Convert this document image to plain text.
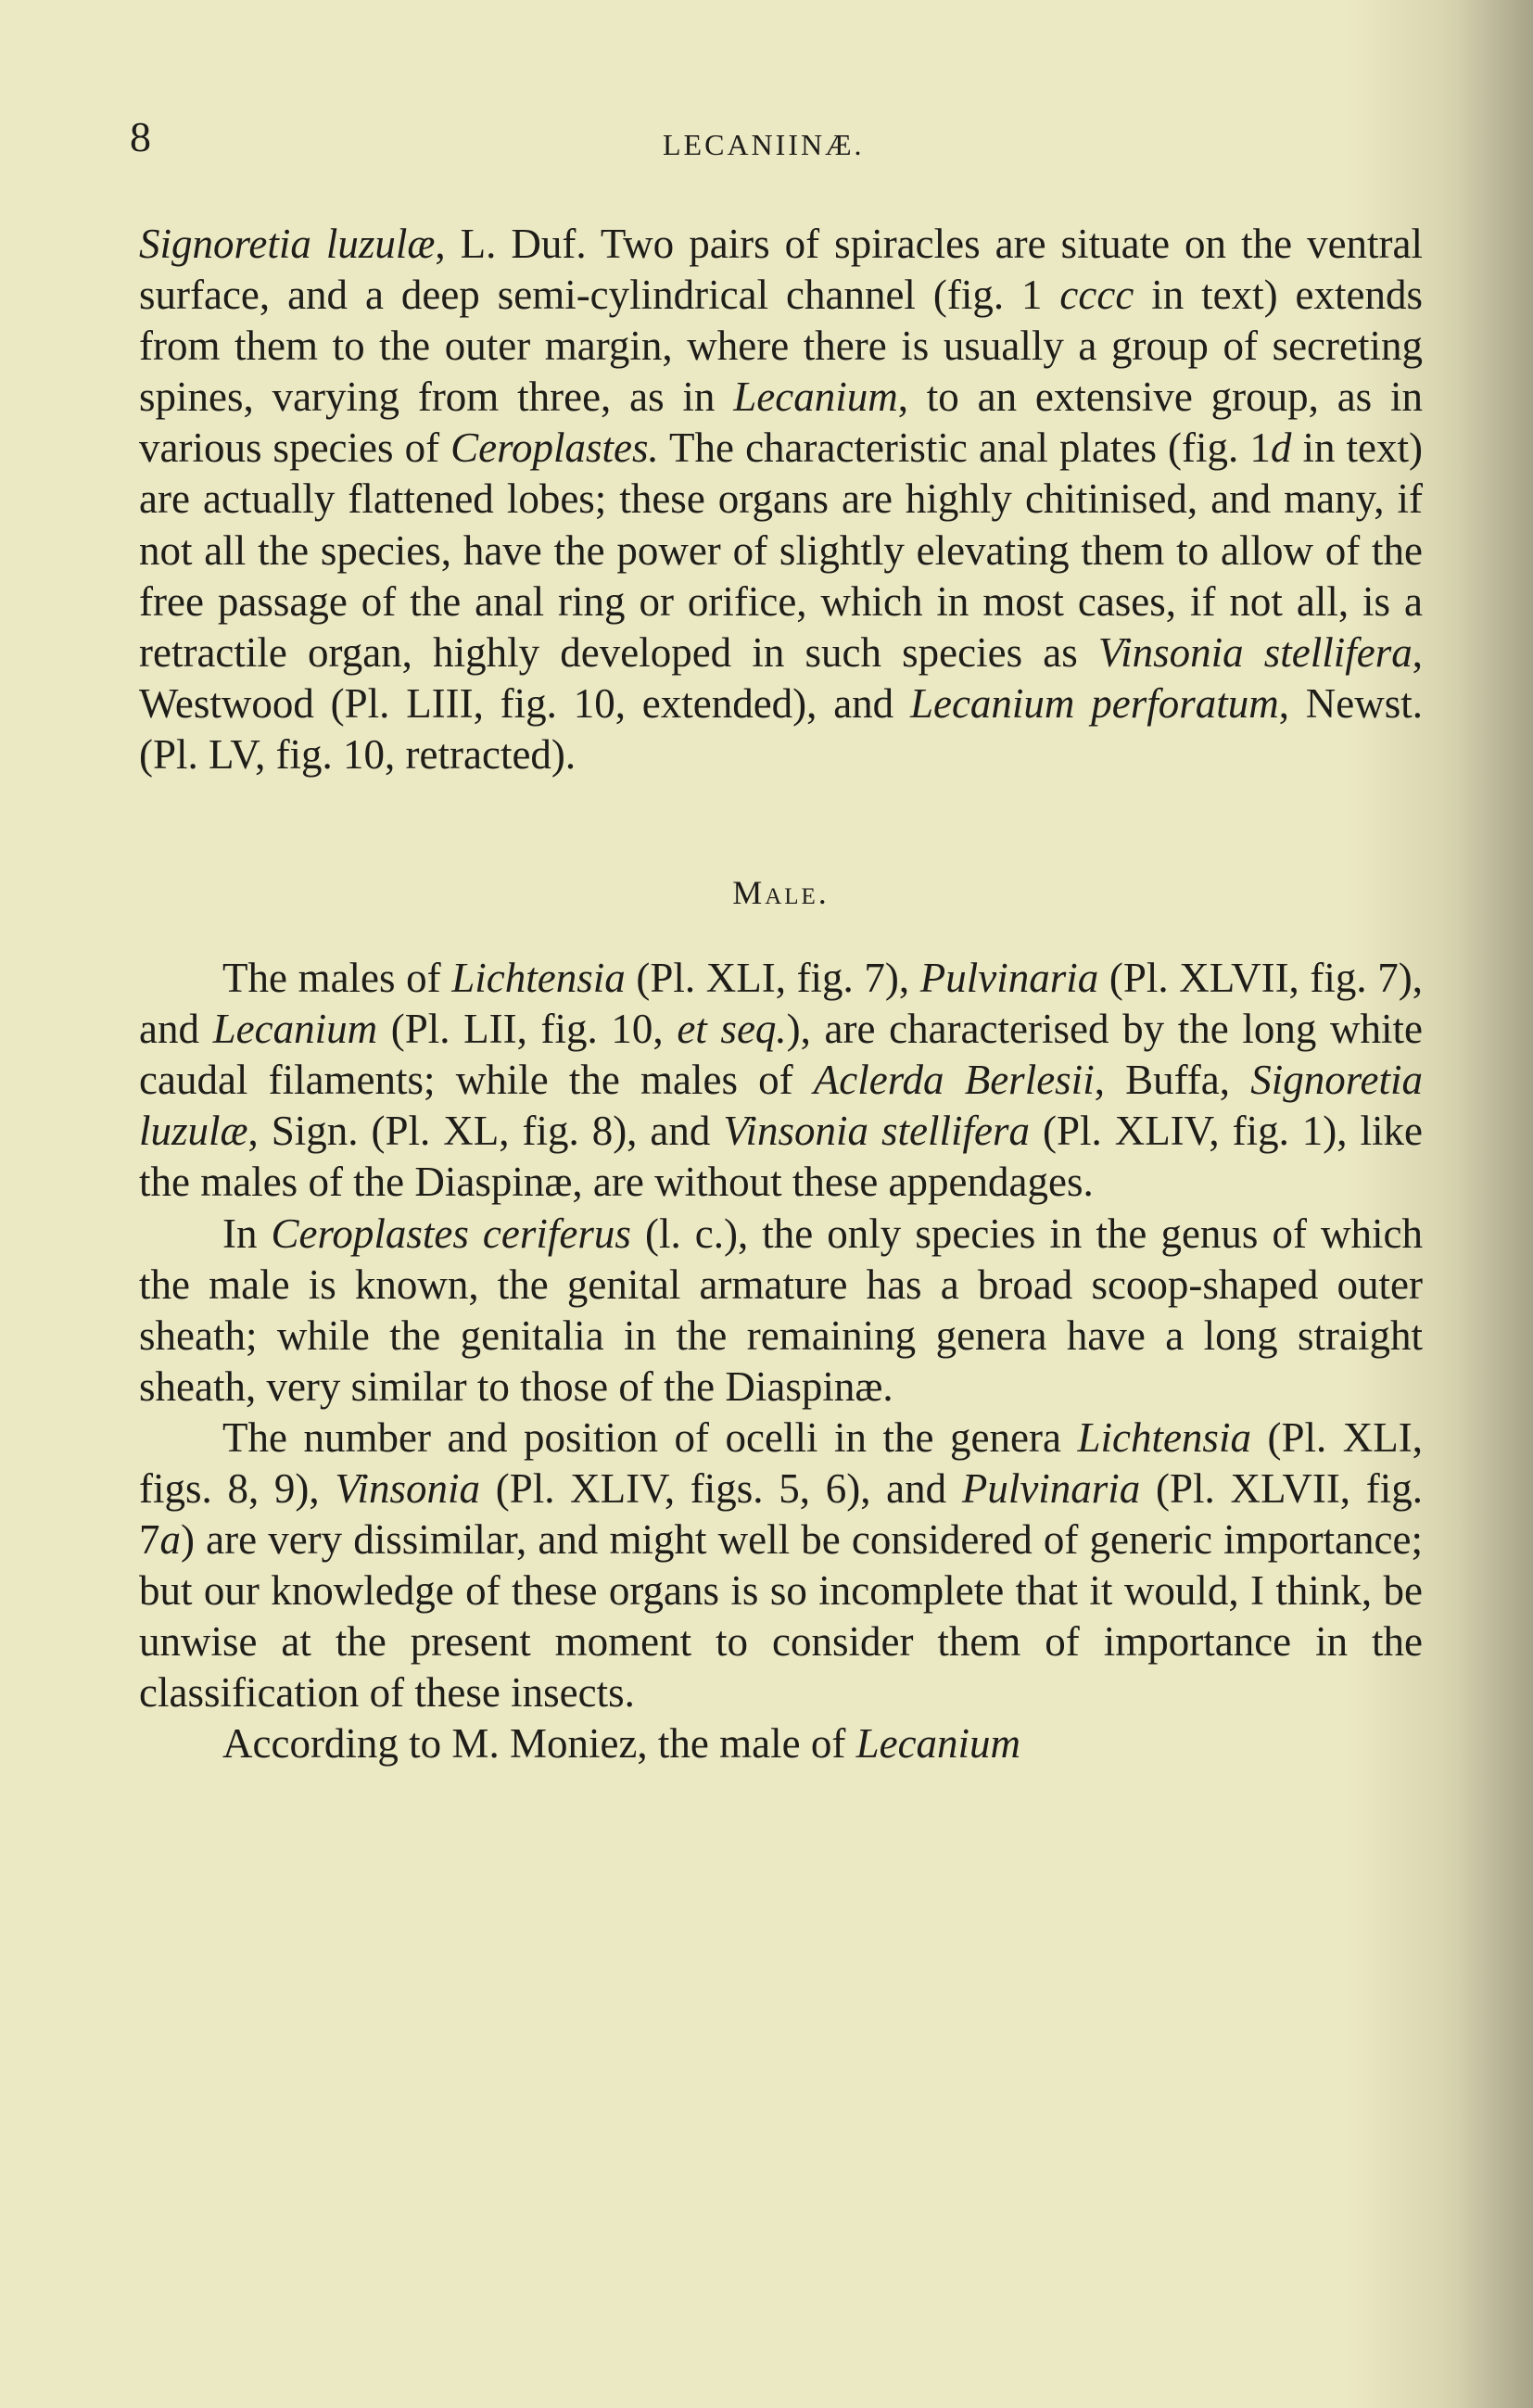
8	LECANIINÆ.

Signoretia luzulæ, L. Duf. Two pairs of spiracles are situate on the ventral surface, and a deep semi-cylindrical channel (fig. 1 cccc in text) extends from them to the outer margin, where there is usually a group of secreting spines, varying from three, as in Lecanium, to an extensive group, as in various species of Ceroplastes. The characteristic anal plates (fig. 1d in text) are actually flattened lobes; these organs are highly chitinised, and many, if not all the species, have the power of slightly elevating them to allow of the free passage of the anal ring or orifice, which in most cases, if not all, is a retractile organ, highly developed in such species as Vinsonia stellifera, Westwood (Pl. LIII, fig. 10, extended), and Lecanium perforatum, Newst. (Pl. LV, fig. 10, retracted).

Male.

The males of Lichtensia (Pl. XLI, fig. 7), Pulvinaria (Pl. XLVII, fig. 7), and Lecanium (Pl. LII, fig. 10, et seq.), are characterised by the long white caudal filaments; while the males of Aclerda Berlesii, Buffa, Signoretia luzulæ, Sign. (Pl. XL, fig. 8), and Vinsonia stellifera (Pl. XLIV, fig. 1), like the males of the Diaspinæ, are without these appendages.

In Ceroplastes ceriferus (l. c.), the only species in the genus of which the male is known, the genital armature has a broad scoop-shaped outer sheath; while the genitalia in the remaining genera have a long straight sheath, very similar to those of the Diaspinæ.

The number and position of ocelli in the genera Lichtensia (Pl. XLI, figs. 8, 9), Vinsonia (Pl. XLIV, figs. 5, 6), and Pulvinaria (Pl. XLVII, fig. 7a) are very dissimilar, and might well be considered of generic importance; but our knowledge of these organs is so incomplete that it would, I think, be unwise at the present moment to consider them of importance in the classification of these insects.

According to M. Moniez, the male of Lecanium
